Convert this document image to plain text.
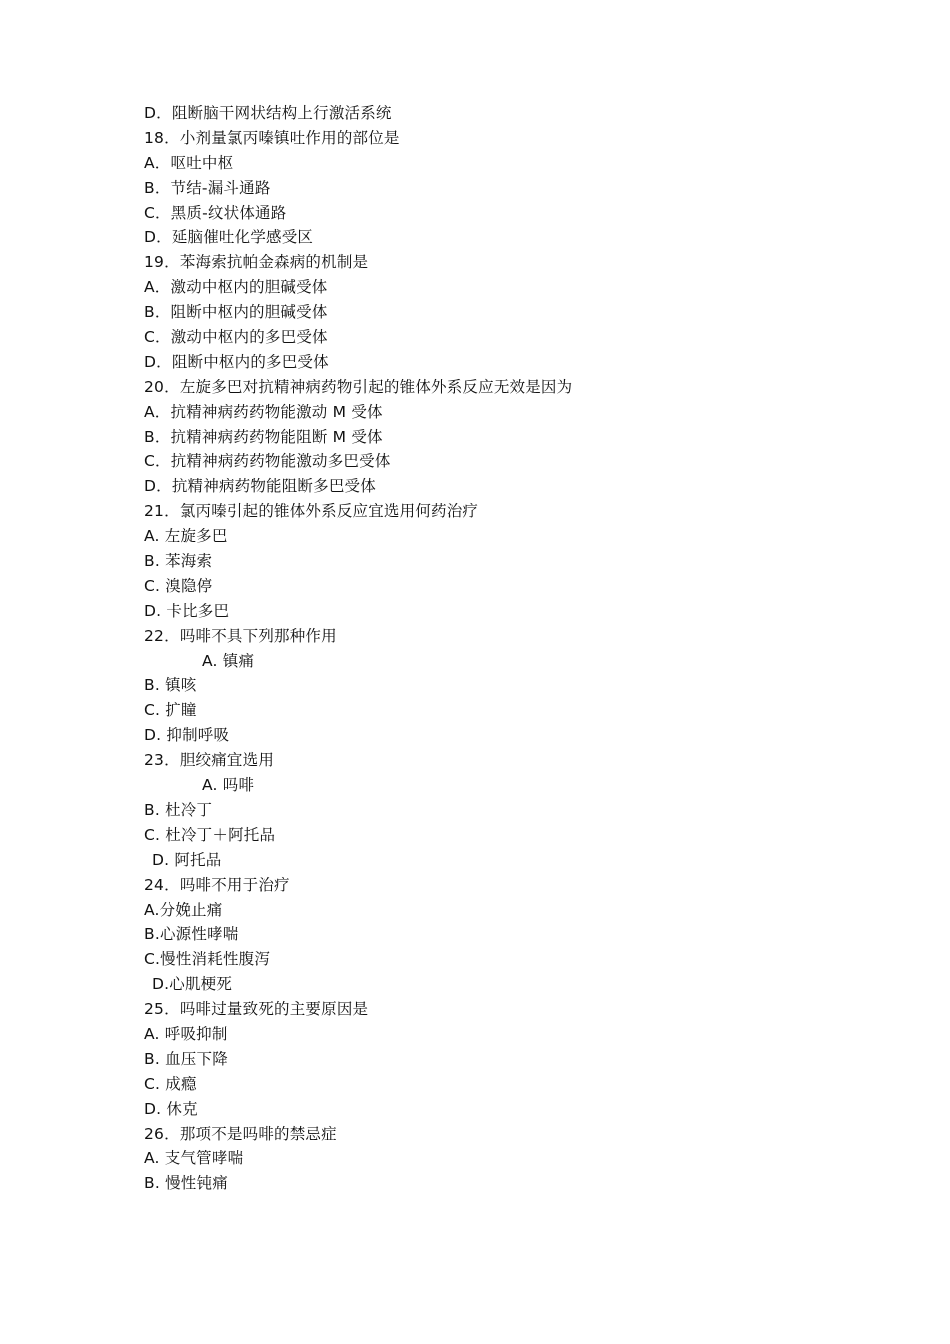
D．阻断脑干网状结构上行激活系统
18．小剂量氯丙嗪镇吐作用的部位是
A．呕吐中枢
B．节结-漏斗通路
C．黑质-纹状体通路
D．延脑催吐化学感受区
19．苯海索抗帕金森病的机制是
A．激动中枢内的胆碱受体
B．阻断中枢内的胆碱受体
C．激动中枢内的多巴受体
D．阻断中枢内的多巴受体
20．左旋多巴对抗精神病药物引起的锥体外系反应无效是因为
A．抗精神病药药物能激动 M 受体
B．抗精神病药药物能阻断 M 受体
C．抗精神病药药物能激动多巴受体
D．抗精神病药物能阻断多巴受体
21．氯丙嗪引起的锥体外系反应宜选用何药治疗
A. 左旋多巴
B. 苯海索
C. 溴隐停
D. 卡比多巴
22．吗啡不具下列那种作用
A. 镇痛
B. 镇咳
C. 扩瞳
D. 抑制呼吸
23．胆绞痛宜选用
A. 吗啡
B. 杜冷丁
C. 杜冷丁＋阿托品
D. 阿托品
24．吗啡不用于治疗
A.分娩止痛
B.心源性哮喘
C.慢性消耗性腹泻
D.心肌梗死
25．吗啡过量致死的主要原因是
A. 呼吸抑制
B. 血压下降
C. 成瘾
D. 休克
26．那项不是吗啡的禁忌症
A. 支气管哮喘
B. 慢性钝痛
